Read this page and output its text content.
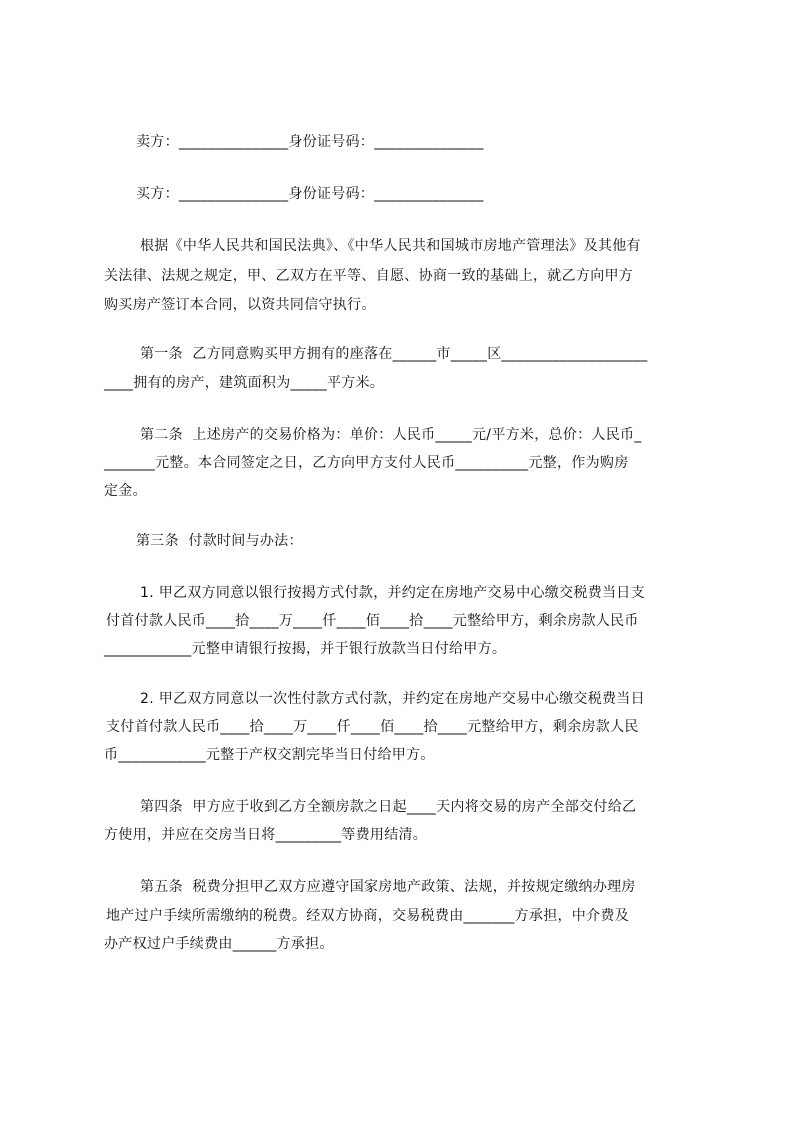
卖方：_______________身份证号码：_______________
买方：_______________身份证号码：_______________
根据《中华人民共和国民法典》、《中华人民共和国城市房地产管理法》及其他有
关法律、法规之规定，甲、乙双方在平等、自愿、协商一致的基础上，就乙方向甲方
购买房产签订本合同，以资共同信守执行。
第一条  乙方同意购买甲方拥有的座落在______市_____区____________________
____拥有的房产，建筑面积为_____平方米。
第二条  上述房产的交易价格为：单价：人民币_____元/平方米，总价：人民币_
_______元整。本合同签定之日，乙方向甲方支付人民币__________元整，作为购房
定金。
第三条  付款时间与办法：
1. 甲乙双方同意以银行按揭方式付款，并约定在房地产交易中心缴交税费当日支
付首付款人民币____拾____万____仟____佰____拾____元整给甲方，剩余房款人民币
____________元整申请银行按揭，并于银行放款当日付给甲方。
2. 甲乙双方同意以一次性付款方式付款，并约定在房地产交易中心缴交税费当日
支付首付款人民币____拾____万____仟____佰____拾____元整给甲方，剩余房款人民
币____________元整于产权交割完毕当日付给甲方。
第四条  甲方应于收到乙方全额房款之日起____天内将交易的房产全部交付给乙
方使用，并应在交房当日将_________等费用结清。
第五条  税费分担甲乙双方应遵守国家房地产政策、法规，并按规定缴纳办理房
地产过户手续所需缴纳的税费。经双方协商，交易税费由_______方承担，中介费及
办产权过户手续费由______方承担。
